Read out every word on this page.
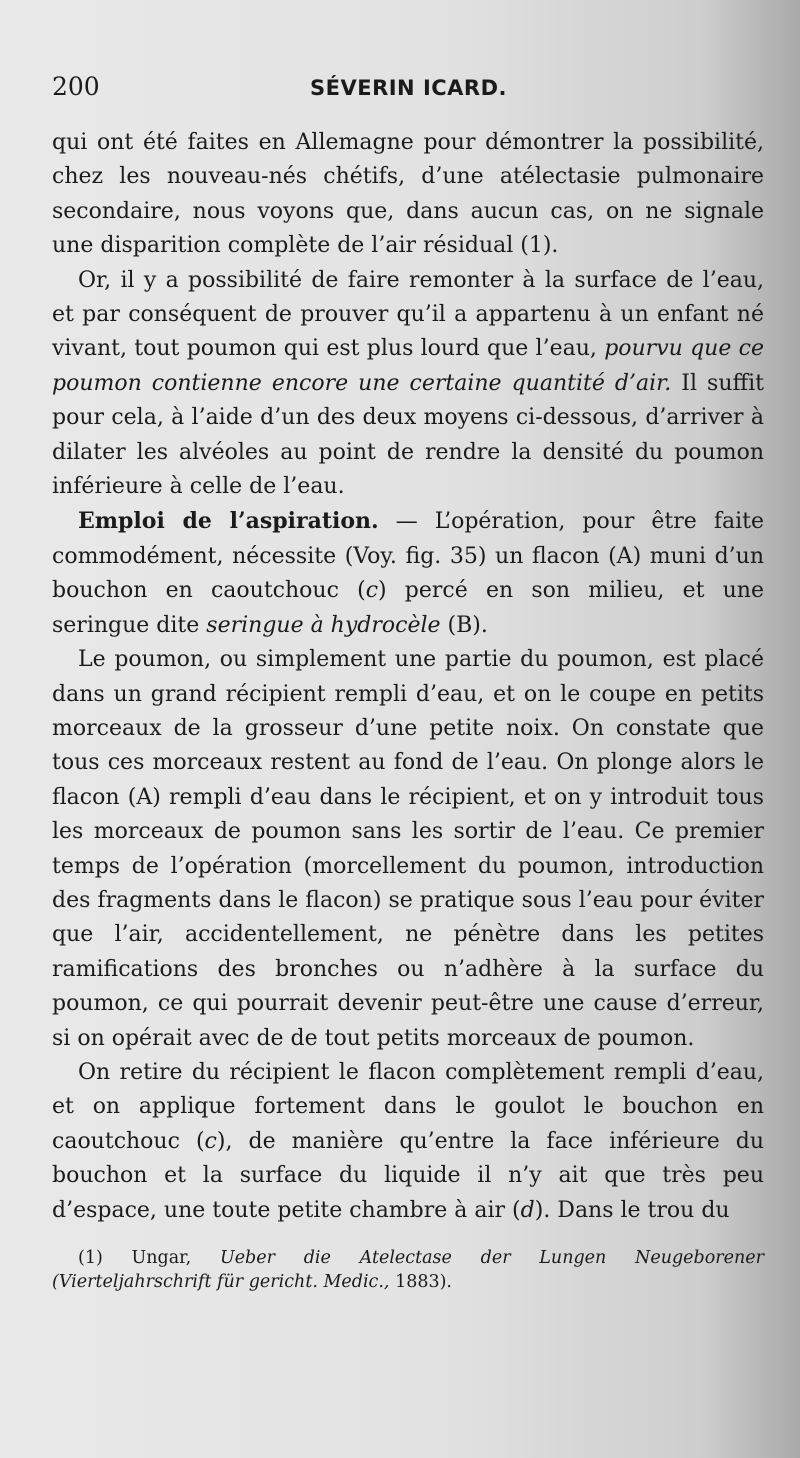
200	SÉVERIN ICARD.

qui ont été faites en Allemagne pour démontrer la possibilité, chez les nouveau-nés chétifs, d’une atélectasie pulmonaire secondaire, nous voyons que, dans aucun cas, on ne signale une disparition complète de l’air résidual (1).

Or, il y a possibilité de faire remonter à la surface de l’eau, et par conséquent de prouver qu’il a appartenu à un enfant né vivant, tout poumon qui est plus lourd que l’eau, pourvu que ce poumon contienne encore une certaine quantité d’air. Il suffit pour cela, à l’aide d’un des deux moyens ci-dessous, d’arriver à dilater les alvéoles au point de rendre la densité du poumon inférieure à celle de l’eau.

Emploi de l’aspiration. — L’opération, pour être faite commodément, nécessite (Voy. fig. 35) un flacon (A) muni d’un bouchon en caoutchouc (c) percé en son milieu, et une seringue dite seringue à hydrocèle (B).

Le poumon, ou simplement une partie du poumon, est placé dans un grand récipient rempli d’eau, et on le coupe en petits morceaux de la grosseur d’une petite noix. On constate que tous ces morceaux restent au fond de l’eau. On plonge alors le flacon (A) rempli d’eau dans le récipient, et on y introduit tous les morceaux de poumon sans les sortir de l’eau. Ce premier temps de l’opération (morcellement du poumon, introduction des fragments dans le flacon) se pratique sous l’eau pour éviter que l’air, accidentellement, ne pénètre dans les petites ramifications des bronches ou n’adhère à la surface du poumon, ce qui pourrait devenir peut-être une cause d’erreur, si on opérait avec de de tout petits morceaux de poumon.

On retire du récipient le flacon complètement rempli d’eau, et on applique fortement dans le goulot le bouchon en caoutchouc (c), de manière qu’entre la face inférieure du bouchon et la surface du liquide il n’y ait que très peu d’espace, une toute petite chambre à air (d). Dans le trou du

(1) Ungar, Ueber die Atelectase der Lungen Neugeborener (Vierteljahrschrift für gericht. Medic., 1883).
